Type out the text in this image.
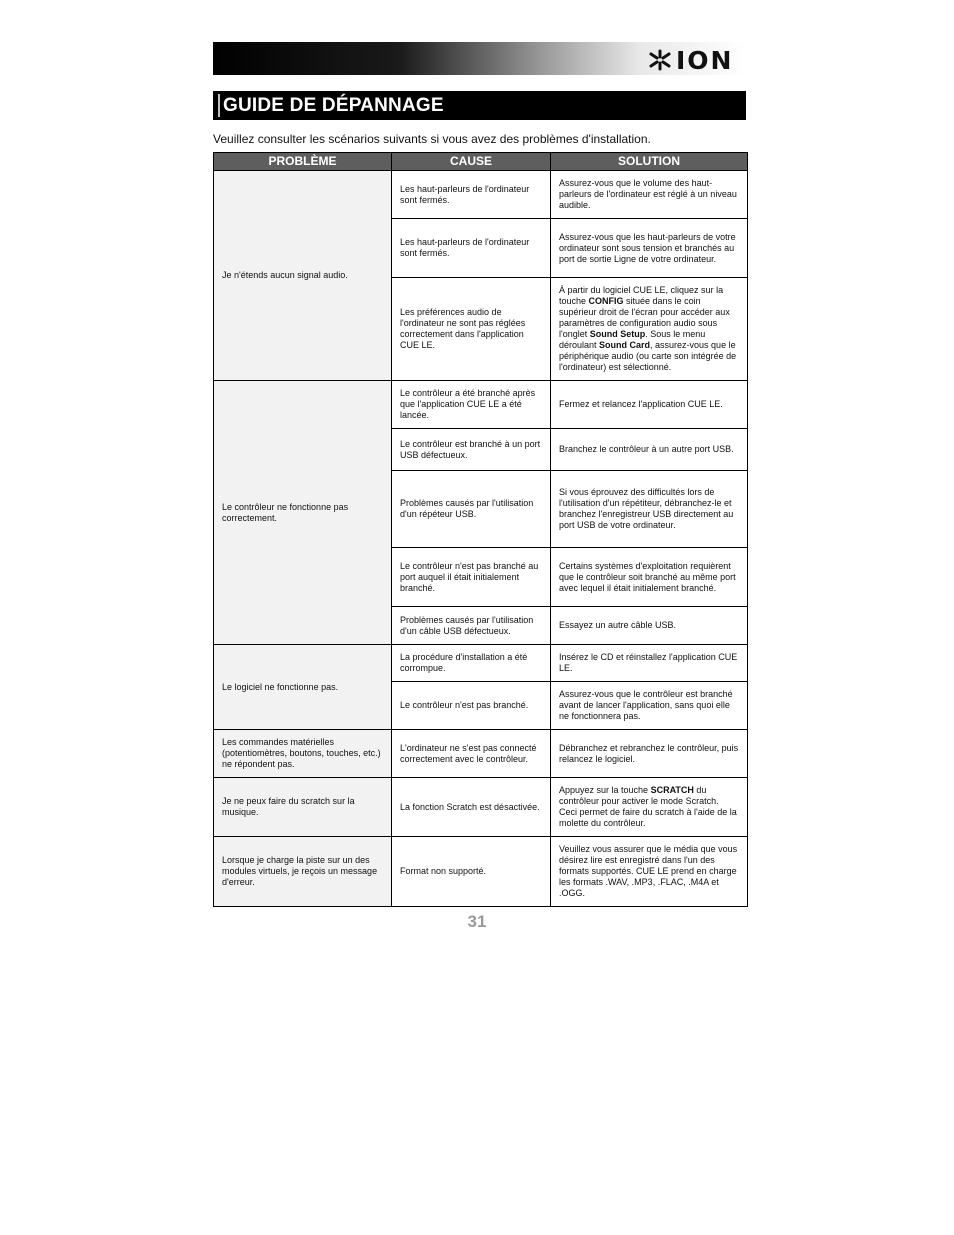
ION
GUIDE DE DÉPANNAGE

Veuillez consulter les scénarios suivants si vous avez des problèmes d'installation.

PROBLÈME	CAUSE	SOLUTION
Je n'étends aucun signal audio.	Les haut-parleurs de l'ordinateur sont fermés.	Assurez-vous que le volume des haut-parleurs de l'ordinateur est réglé à un niveau audible.
	Les haut-parleurs de l'ordinateur sont fermés.	Assurez-vous que les haut-parleurs de votre ordinateur sont sous tension et branchés au port de sortie Ligne de votre ordinateur.
	Les préférences audio de l'ordinateur ne sont pas réglées correctement dans l'application CUE LE.	À partir du logiciel CUE LE, cliquez sur la touche CONFIG située dans le coin supérieur droit de l'écran pour accéder aux paramètres de configuration audio sous l'onglet Sound Setup. Sous le menu déroulant Sound Card, assurez-vous que le périphérique audio (ou carte son intégrée de l'ordinateur) est sélectionné.
Le contrôleur ne fonctionne pas correctement.	Le contrôleur a été branché après que l'application CUE LE a été lancée.	Fermez et relancez l'application CUE LE.
	Le contrôleur est branché à un port USB défectueux.	Branchez le contrôleur à un autre port USB.
	Problèmes causés par l'utilisation d'un répéteur USB.	Si vous éprouvez des difficultés lors de l'utilisation d'un répétiteur, débranchez-le et branchez l'enregistreur USB directement au port USB de votre ordinateur.
	Le contrôleur n'est pas branché au port auquel il était initialement branché.	Certains systèmes d'exploitation requièrent que le contrôleur soit branché au même port avec lequel il était initialement branché.
	Problèmes causés par l'utilisation d'un câble USB défectueux.	Essayez un autre câble USB.
Le logiciel ne fonctionne pas.	La procédure d'installation a été corrompue.	Insérez le CD et réinstallez l'application CUE LE.
	Le contrôleur n'est pas branché.	Assurez-vous que le contrôleur est branché avant de lancer l'application, sans quoi elle ne fonctionnera pas.
Les commandes matérielles (potentiomètres, boutons, touches, etc.) ne répondent pas.	L'ordinateur ne s'est pas connecté correctement avec le contrôleur.	Débranchez et rebranchez le contrôleur, puis relancez le logiciel.
Je ne peux faire du scratch sur la musique.	La fonction Scratch est désactivée.	Appuyez sur la touche SCRATCH du contrôleur pour activer le mode Scratch. Ceci permet de faire du scratch à l'aide de la molette du contrôleur.
Lorsque je charge la piste sur un des modules virtuels, je reçois un message d'erreur.	Format non supporté.	Veuillez vous assurer que le média que vous désirez lire est enregistré dans l'un des formats supportés. CUE LE prend en charge les formats .WAV, .MP3, .FLAC, .M4A et .OGG.
31
